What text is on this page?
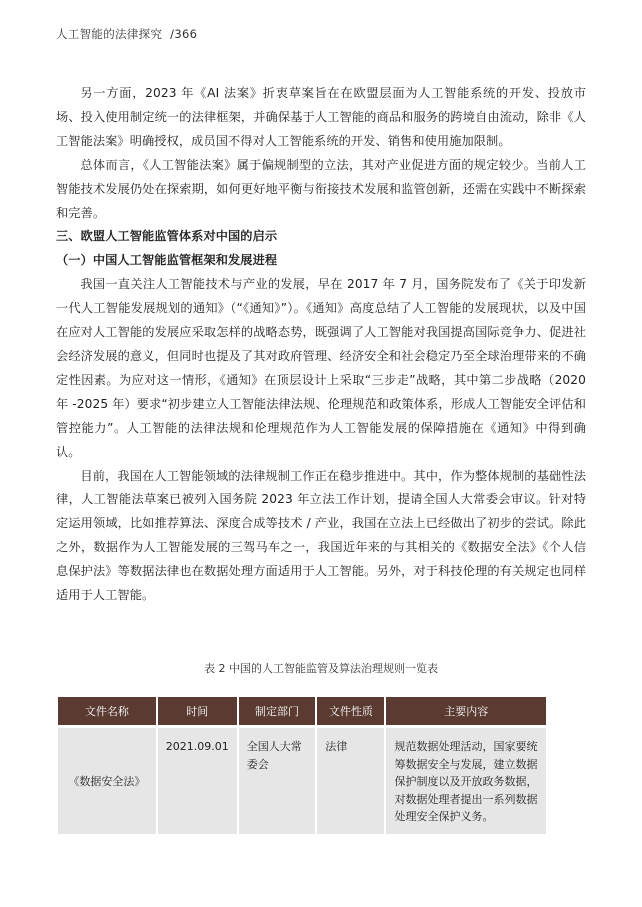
人工智能的法律探究 /366

另一方面，2023 年《AI 法案》折衷草案旨在在欧盟层面为人工智能系统的开发、投放市场、投入使用制定统一的法律框架，并确保基于人工智能的商品和服务的跨境自由流动，除非《人工智能法案》明确授权，成员国不得对人工智能系统的开发、销售和使用施加限制。

总体而言，《人工智能法案》属于偏规制型的立法，其对产业促进方面的规定较少。当前人工智能技术发展仍处在探索期，如何更好地平衡与衔接技术发展和监管创新，还需在实践中不断探索和完善。

三、欧盟人工智能监管体系对中国的启示

（一）中国人工智能监管框架和发展进程

我国一直关注人工智能技术与产业的发展，早在 2017 年 7 月，国务院发布了《关于印发新一代人工智能发展规划的通知》（“《通知》”）。《通知》高度总结了人工智能的发展现状，以及中国在应对人工智能的发展应采取怎样的战略态势，既强调了人工智能对我国提高国际竞争力、促进社会经济发展的意义，但同时也提及了其对政府管理、经济安全和社会稳定乃至全球治理带来的不确定性因素。为应对这一情形，《通知》在顶层设计上采取“三步走”战略，其中第二步战略（2020 年 -2025 年）要求“初步建立人工智能法律法规、伦理规范和政策体系，形成人工智能安全评估和管控能力”。人工智能的法律法规和伦理规范作为人工智能发展的保障措施在《通知》中得到确认。

目前，我国在人工智能领域的法律规制工作正在稳步推进中。其中，作为整体规制的基础性法律，人工智能法草案已被列入国务院 2023 年立法工作计划，提请全国人大常委会审议。针对特定运用领域，比如推荐算法、深度合成等技术 / 产业，我国在立法上已经做出了初步的尝试。除此之外，数据作为人工智能发展的三驾马车之一，我国近年来的与其相关的《数据安全法》《个人信息保护法》等数据法律也在数据处理方面适用于人工智能。另外，对于科技伦理的有关规定也同样适用于人工智能。

表 2 中国的人工智能监管及算法治理规则一览表
文件名称	时间	制定部门	文件性质	主要内容
《数据安全法》	2021.09.01	全国人大常委会	法律	规范数据处理活动，国家要统筹数据安全与发展，建立数据保护制度以及开放政务数据，对数据处理者提出一系列数据处理安全保护义务。
